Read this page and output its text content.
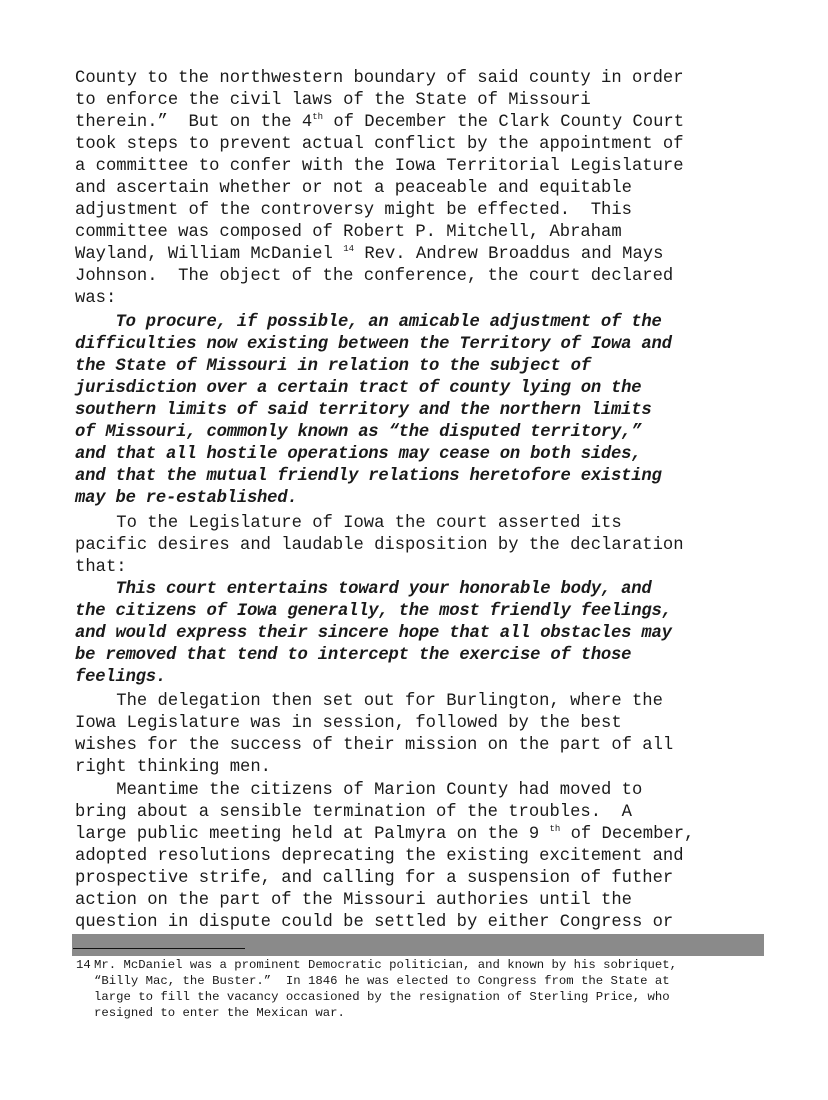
County to the northwestern boundary of said county in order
to enforce the civil laws of the State of Missouri
therein.”  But on the 4th of December the Clark County Court
took steps to prevent actual conflict by the appointment of
a committee to confer with the Iowa Territorial Legislature
and ascertain whether or not a peaceable and equitable
adjustment of the controversy might be effected.  This
committee was composed of Robert P. Mitchell, Abraham
Wayland, William McDaniel $^{14}$ Rev. Andrew Broaddus and Mays
Johnson.  The object of the conference, the court declared
was:
To procure, if possible, an amicable adjustment of the
difficulties now existing between the Territory of Iowa and
the State of Missouri in relation to the subject of
jurisdiction over a certain tract of county lying on the
southern limits of said territory and the northern limits
of Missouri, commonly known as “the disputed territory,”
and that all hostile operations may cease on both sides,
and that the mutual friendly relations heretofore existing
may be re-established.
To the Legislature of Iowa the court asserted its
pacific desires and laudable disposition by the declaration
that:
This court entertains toward your honorable body, and
the citizens of Iowa generally, the most friendly feelings,
and would express their sincere hope that all obstacles may
be removed that tend to intercept the exercise of those
feelings.
The delegation then set out for Burlington, where the
Iowa Legislature was in session, followed by the best
wishes for the success of their mission on the part of all
right thinking men.
Meantime the citizens of Marion County had moved to
bring about a sensible termination of the troubles.  A
large public meeting held at Palmyra on the 9 $^{th}$ of December,
adopted resolutions deprecating the existing excitement and
prospective strife, and calling for a suspension of futher
action on the part of the Missouri authories until the
question in dispute could be settled by either Congress or
14 Mr. McDaniel was a prominent Democratic politician, and known by his sobriquet,
“Billy Mac, the Buster.”  In 1846 he was elected to Congress from the State at
large to fill the vacancy occasioned by the resignation of Sterling Price, who
resigned to enter the Mexican war.
